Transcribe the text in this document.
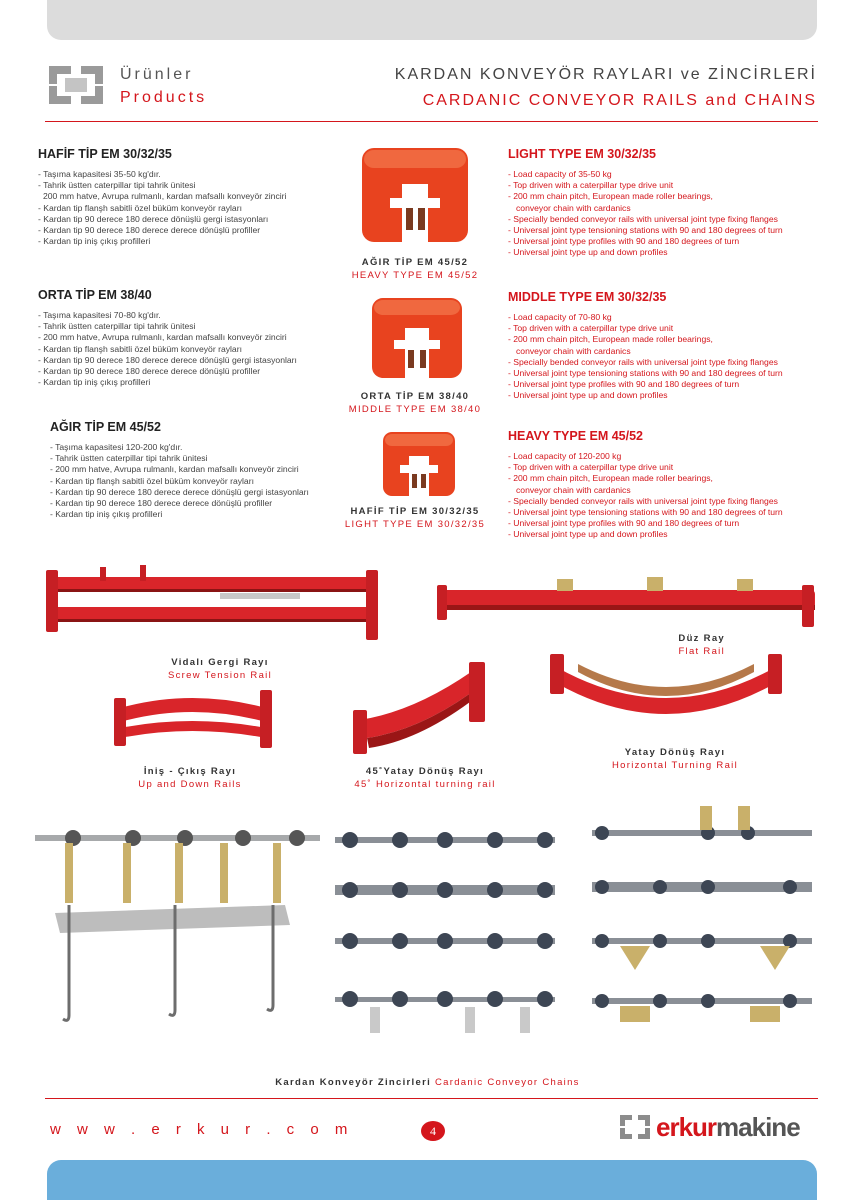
Ürünler
Products
KARDAN KONVEYÖR RAYLARI ve ZİNCİRLERİ
CARDANIC CONVEYOR RAILS and CHAINS
HAFİF TİP EM 30/32/35
- Taşıma kapasitesi 35-50 kg'dır.
- Tahrik üstten caterpillar tipi tahrik ünitesi
200 mm hatve, Avrupa rulmanlı, kardan mafsallı konveyör zinciri
- Kardan tip flanşh sabitli özel büküm konveyör rayları
- Kardan tip 90 derece 180 derece dönüşlü gergi istasyonları
- Kardan tip 90 derece 180 derece derece dönüşlü profiller
- Kardan tip iniş çıkış profilleri
ORTA TİP EM 38/40
- Taşıma kapasitesi 70-80 kg'dır.
- Tahrik üstten caterpillar tipi tahrik ünitesi
- 200 mm hatve, Avrupa rulmanlı, kardan mafsallı konveyör zinciri
- Kardan tip flanşh sabitli özel büküm konveyör rayları
- Kardan tip 90 derece 180 derece derece dönüşlü gergi istasyonları
- Kardan tip 90 derece 180 derece derece dönüşlü profiller
- Kardan tip iniş çıkış profilleri
AĞIR TİP EM 45/52
- Taşıma kapasitesi 120-200 kg'dır.
- Tahrik üstten caterpillar tipi tahrik ünitesi
- 200 mm hatve, Avrupa rulmanlı, kardan mafsallı konveyör zinciri
- Kardan tip flanşh sabitli özel büküm konveyör rayları
- Kardan tip 90 derece 180 derece derece dönüşlü gergi istasyonları
- Kardan tip 90 derece 180 derece derece dönüşlü profiller
- Kardan tip iniş çıkış profilleri
AĞIR TİP EM 45/52
HEAVY TYPE EM 45/52
ORTA TİP EM 38/40
MIDDLE TYPE EM 38/40
HAFİF TİP EM 30/32/35
LIGHT TYPE EM 30/32/35
LIGHT TYPE EM 30/32/35
- Load capacity of 35-50 kg
- Top driven with a caterpillar type drive unit
- 200 mm chain pitch, European made roller bearings,
conveyor chain with cardanics
- Specially bended conveyor rails with universal joint type fixing flanges
- Universal joint type tensioning stations with 90 and 180 degrees of turn
- Universal joint type profiles with 90 and 180 degrees of turn
- Universal joint type up and down profiles
MIDDLE TYPE EM 30/32/35
- Load capacity of 70-80 kg
- Top driven with a caterpillar type drive unit
- 200 mm chain pitch, European made roller bearings,
conveyor chain with cardanics
- Specially bended conveyor rails with universal joint type fixing flanges
- Universal joint type tensioning stations with 90 and 180 degrees of turn
- Universal joint type profiles with 90 and 180 degrees of turn
- Universal joint type up and down profiles
HEAVY TYPE EM 45/52
- Load capacity of 120-200 kg
- Top driven with a caterpillar type drive unit
- 200 mm chain pitch, European made roller bearings,
conveyor chain with cardanics
- Specially bended conveyor rails with universal joint type fixing flanges
- Universal joint type tensioning stations with 90 and 180 degrees of turn
- Universal joint type profiles with 90 and 180 degrees of turn
- Universal joint type up and down profiles
Vidalı Gergi Rayı
Screw Tension Rail
Düz Ray
Flat Rail
İniş - Çıkış Rayı
Up and Down Rails
45˚Yatay Dönüş Rayı
45˚ Horizontal turning rail
Yatay Dönüş Rayı
Horizontal Turning Rail
Kardan Konveyör Zincirleri Cardanic Conveyor Chains
w w w . e r k u r . c o m	4	erkur makine
